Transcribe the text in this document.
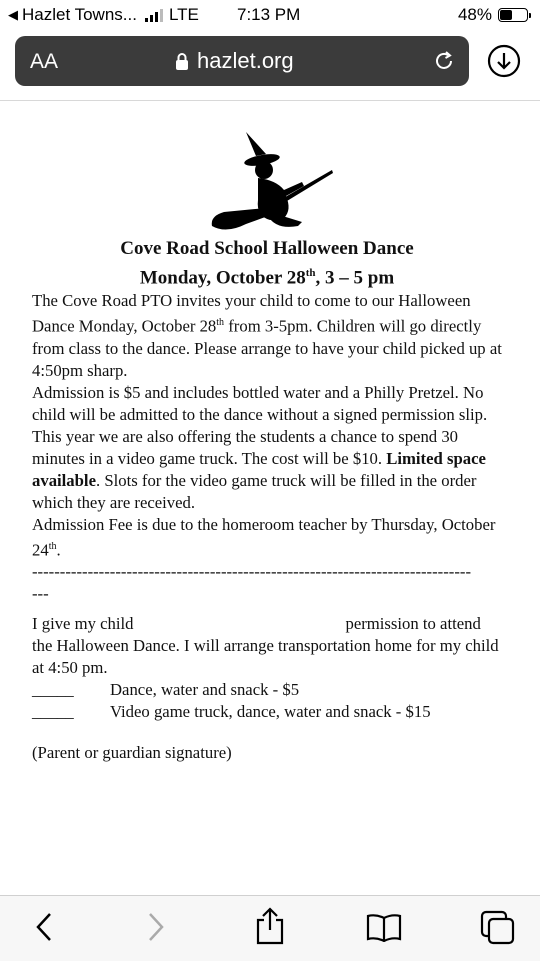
◀ Hazlet Towns... LTE 7:13 PM	48%
AA	hazlet.org
Cove Road School Halloween Dance
Monday, October 28th, 3 – 5 pm

The Cove Road PTO invites your child to come to our Halloween Dance Monday, October 28th from 3-5pm. Children will go directly from class to the dance. Please arrange to have your child picked up at 4:50pm sharp.

Admission is $5 and includes bottled water and a Philly Pretzel. No child will be admitted to the dance without a signed permission slip.

This year we are also offering the students a chance to spend 30 minutes in a video game truck. The cost will be $10. Limited space available. Slots for the video game truck will be filled in the order which they are received.

Admission Fee is due to the homeroom teacher by Thursday, October 24th.

-------------------------------------------------------------------------------
---

I give my child	permission to attend

the Halloween Dance. I will arrange transportation home for my child at 4:50 pm.

_____	Dance, water and snack - $5
_____	Video game truck, dance, water and snack - $15

(Parent or guardian signature)
